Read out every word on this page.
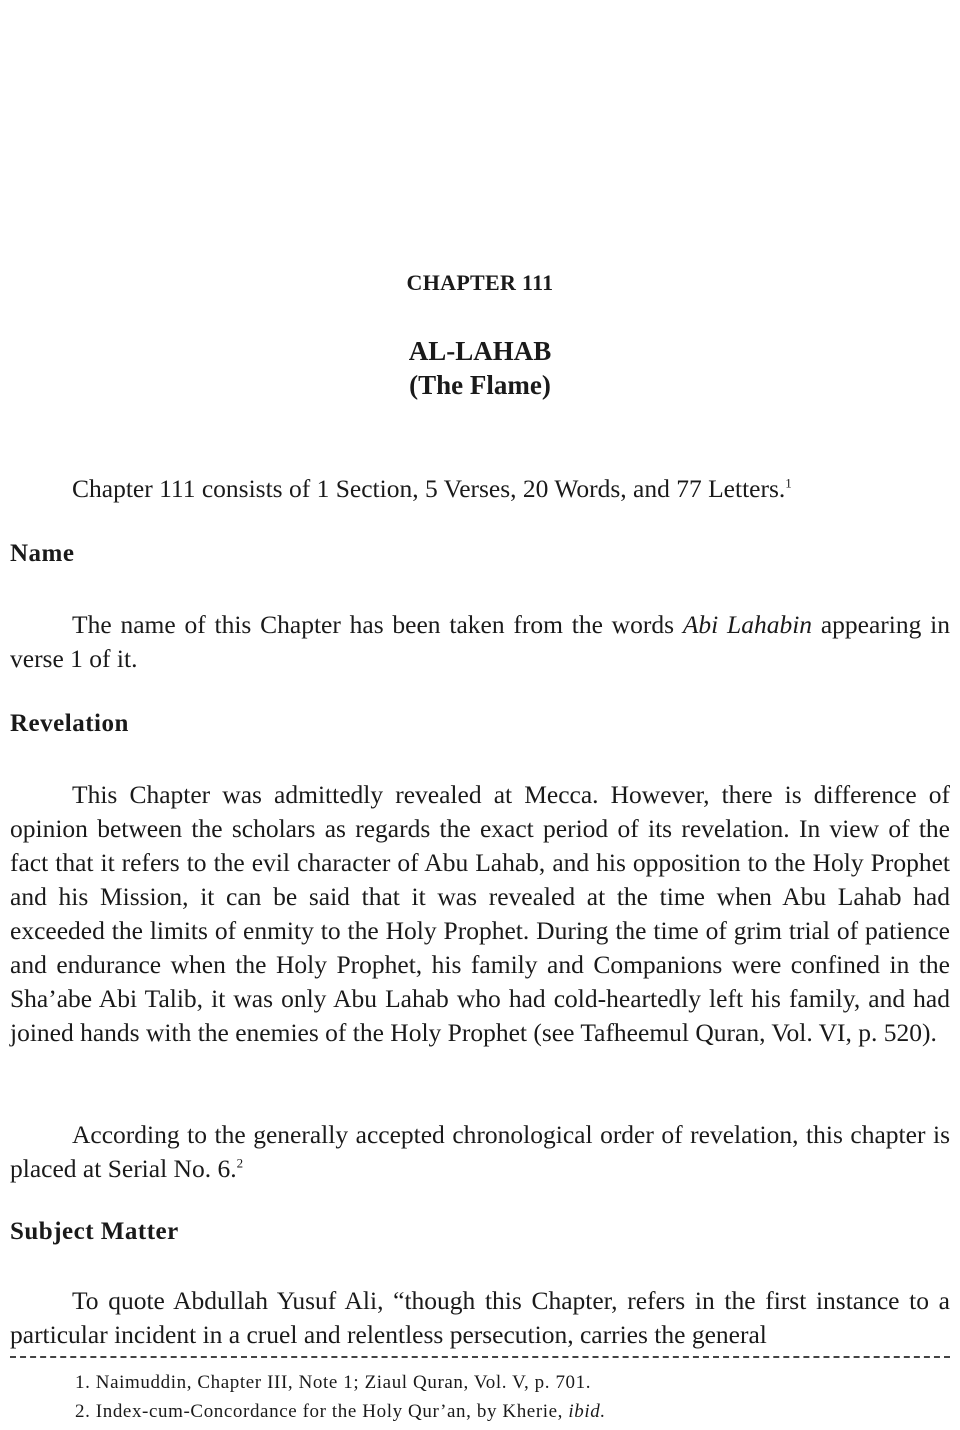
CHAPTER 111
AL-LAHAB
(The Flame)

Chapter 111 consists of 1 Section, 5 Verses, 20 Words, and 77 Letters.$^1$

Name

The name of this Chapter has been taken from the words Abi Lahabin appearing in verse 1 of it.

Revelation

This Chapter was admittedly revealed at Mecca. However, there is difference of opinion between the scholars as regards the exact period of its revelation. In view of the fact that it refers to the evil character of Abu Lahab, and his opposition to the Holy Prophet and his Mission, it can be said that it was revealed at the time when Abu Lahab had exceeded the limits of enmity to the Holy Prophet. During the time of grim trial of patience and endurance when the Holy Prophet, his family and Companions were confined in the Sha’abe Abi Talib, it was only Abu Lahab who had cold-heartedly left his family, and had joined hands with the enemies of the Holy Prophet (see Tafheemul Quran, Vol. VI, p. 520).

According to the generally accepted chronological order of revelation, this chapter is placed at Serial No. 6.$^2$

Subject Matter

To quote Abdullah Yusuf Ali, “though this Chapter, refers in the first instance to a particular incident in a cruel and relentless persecution, carries the general

1. Naimuddin, Chapter III, Note 1; Ziaul Quran, Vol. V, p. 701.
2. Index-cum-Concordance for the Holy Qur’an, by Kherie, ibid.
